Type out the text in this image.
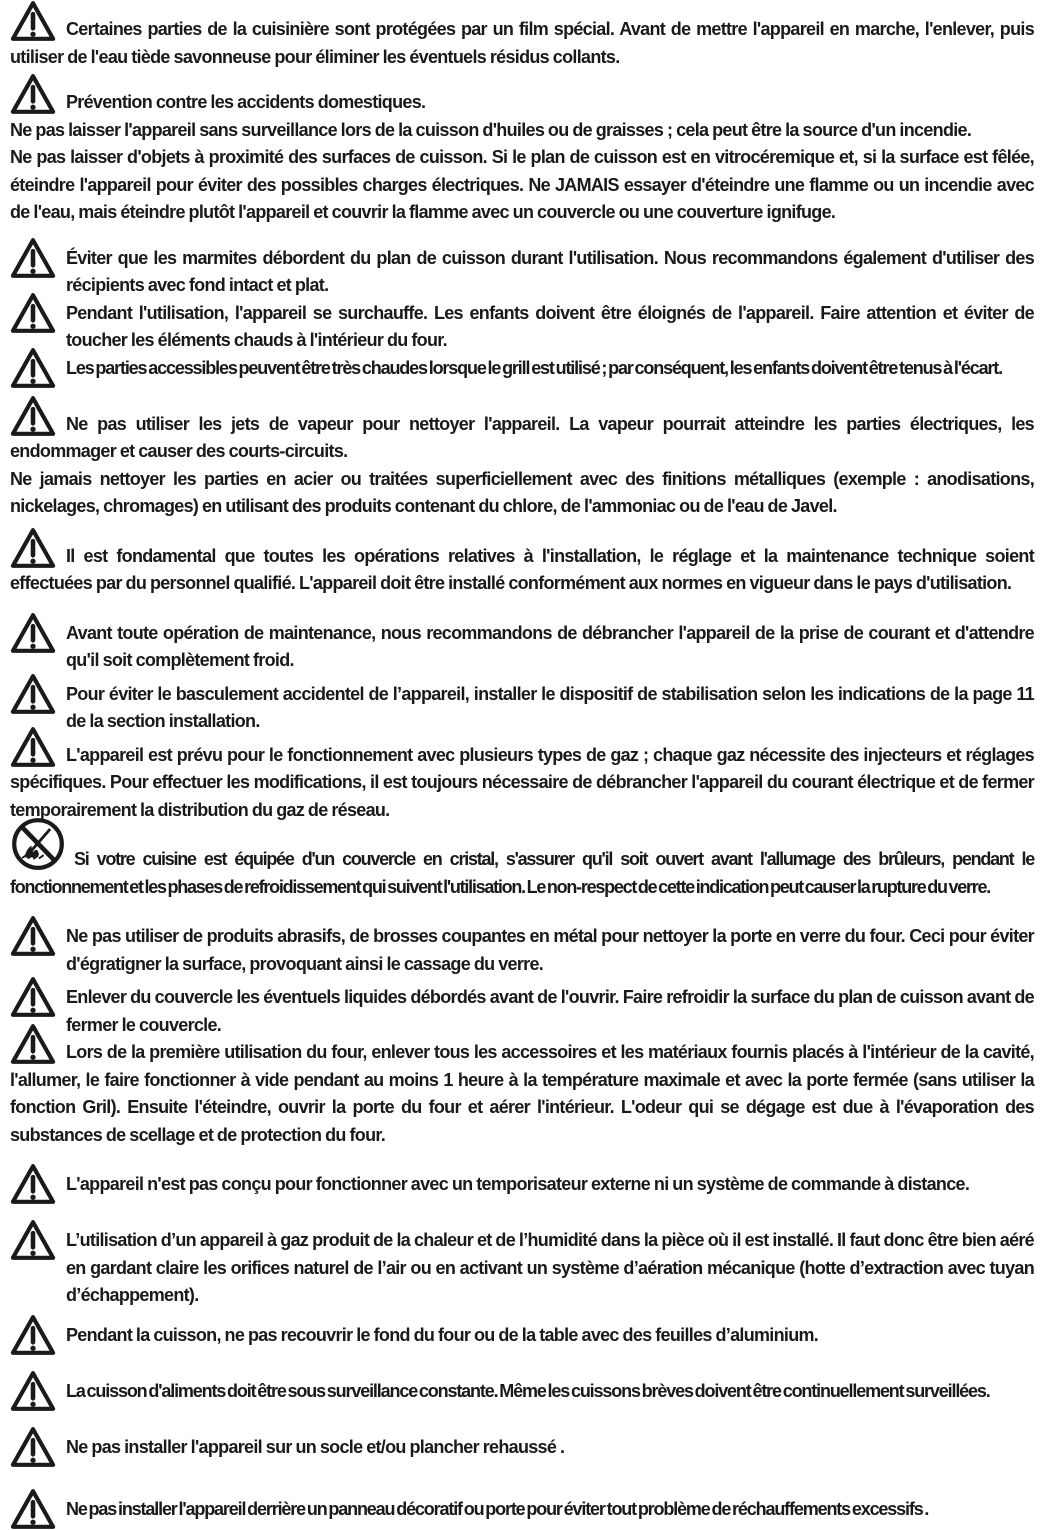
Certaines parties de la cuisinière sont protégées par un film spécial. Avant de mettre l'appareil en marche, l'enlever, puis utiliser de l'eau tiède savonneuse pour éliminer les éventuels résidus collants.

Prévention contre les accidents domestiques.

Ne pas laisser l'appareil sans surveillance lors de la cuisson d'huiles ou de graisses ; cela peut être la source d'un incendie.

Ne pas laisser d'objets à proximité des surfaces de cuisson. Si le plan de cuisson est en vitrocéremique et, si la surface est fêlée, éteindre l'appareil pour éviter des possibles charges électriques. Ne JAMAIS essayer d'éteindre une flamme ou un incendie avec de l'eau, mais éteindre plutôt l'appareil et couvrir la flamme avec un couvercle ou une couverture ignifuge.

Éviter que les marmites débordent du plan de cuisson durant l'utilisation. Nous recommandons également d'utiliser des récipients avec fond intact et plat.

Pendant l'utilisation, l'appareil se surchauffe. Les enfants doivent être éloignés de l'appareil. Faire attention et éviter de toucher les éléments chauds à l'intérieur du four.

Les parties accessibles peuvent être très chaudes lorsque le grill est utilisé ; par conséquent, les enfants doivent être tenus à l'écart.

Ne pas utiliser les jets de vapeur pour nettoyer l'appareil. La vapeur pourrait atteindre les parties électriques, les endommager et causer des courts-circuits.

Ne jamais nettoyer les parties en acier ou traitées superficiellement avec des finitions métalliques (exemple : anodisations, nickelages, chromages) en utilisant des produits contenant du chlore, de l'ammoniac ou de l'eau de Javel.

Il est fondamental que toutes les opérations relatives à l'installation, le réglage et la maintenance technique soient effectuées par du personnel qualifié. L'appareil doit être installé conformément aux normes en vigueur dans le pays d'utilisation.

Avant toute opération de maintenance, nous recommandons de débrancher l'appareil de la prise de courant et d'attendre qu'il soit complètement froid.

Pour éviter le basculement accidentel de l’appareil, installer le dispositif de stabilisation selon les indications de la page 11 de la section installation.

L'appareil est prévu pour le fonctionnement avec plusieurs types de gaz ; chaque gaz nécessite des injecteurs et réglages spécifiques. Pour effectuer les modifications, il est toujours nécessaire de débrancher l'appareil du courant électrique et de fermer temporairement la distribution du gaz de réseau.

Si votre cuisine est équipée d'un couvercle en cristal, s'assurer qu'il soit ouvert avant l'allumage des brûleurs, pendant le fonctionnement et les phases de refroidissement qui suivent l'utilisation. Le non-respect de cette indication peut causer la rupture du verre.

Ne pas utiliser de produits abrasifs, de brosses coupantes en métal pour nettoyer la porte en verre du four. Ceci pour éviter d'égratigner la surface, provoquant ainsi le cassage du verre.

Enlever du couvercle les éventuels liquides débordés avant de l'ouvrir. Faire refroidir la surface du plan de cuisson avant de fermer le couvercle.

Lors de la première utilisation du four, enlever tous les accessoires et les matériaux fournis placés à l'intérieur de la cavité, l'allumer, le faire fonctionner à vide pendant au moins 1 heure à la température maximale et avec la porte fermée (sans utiliser la fonction Gril). Ensuite l'éteindre, ouvrir la porte du four et aérer l'intérieur. L'odeur qui se dégage est due à l'évaporation des substances de scellage et de protection du four.

L'appareil n'est pas conçu pour fonctionner avec un temporisateur externe ni un système de commande à distance.

L’utilisation d’un appareil à gaz produit de la chaleur et de l’humidité dans la pièce où il est installé. Il faut donc être bien aéré en gardant claire les orifices naturel de l’air ou en activant un système d’aération mécanique (hotte d’extraction avec tuyan d’échappement).

Pendant la cuisson, ne pas recouvrir le fond du four ou de la table avec des feuilles d’aluminium.

La cuisson d'aliments doit être sous surveillance constante. Même les cuissons brèves doivent être continuellement surveillées.

Ne pas installer l'appareil sur un socle et/ou plancher rehaussé .

Ne pas installer l'appareil derrière un panneau décoratif ou porte pour éviter tout problème de réchauffements excessifs .
